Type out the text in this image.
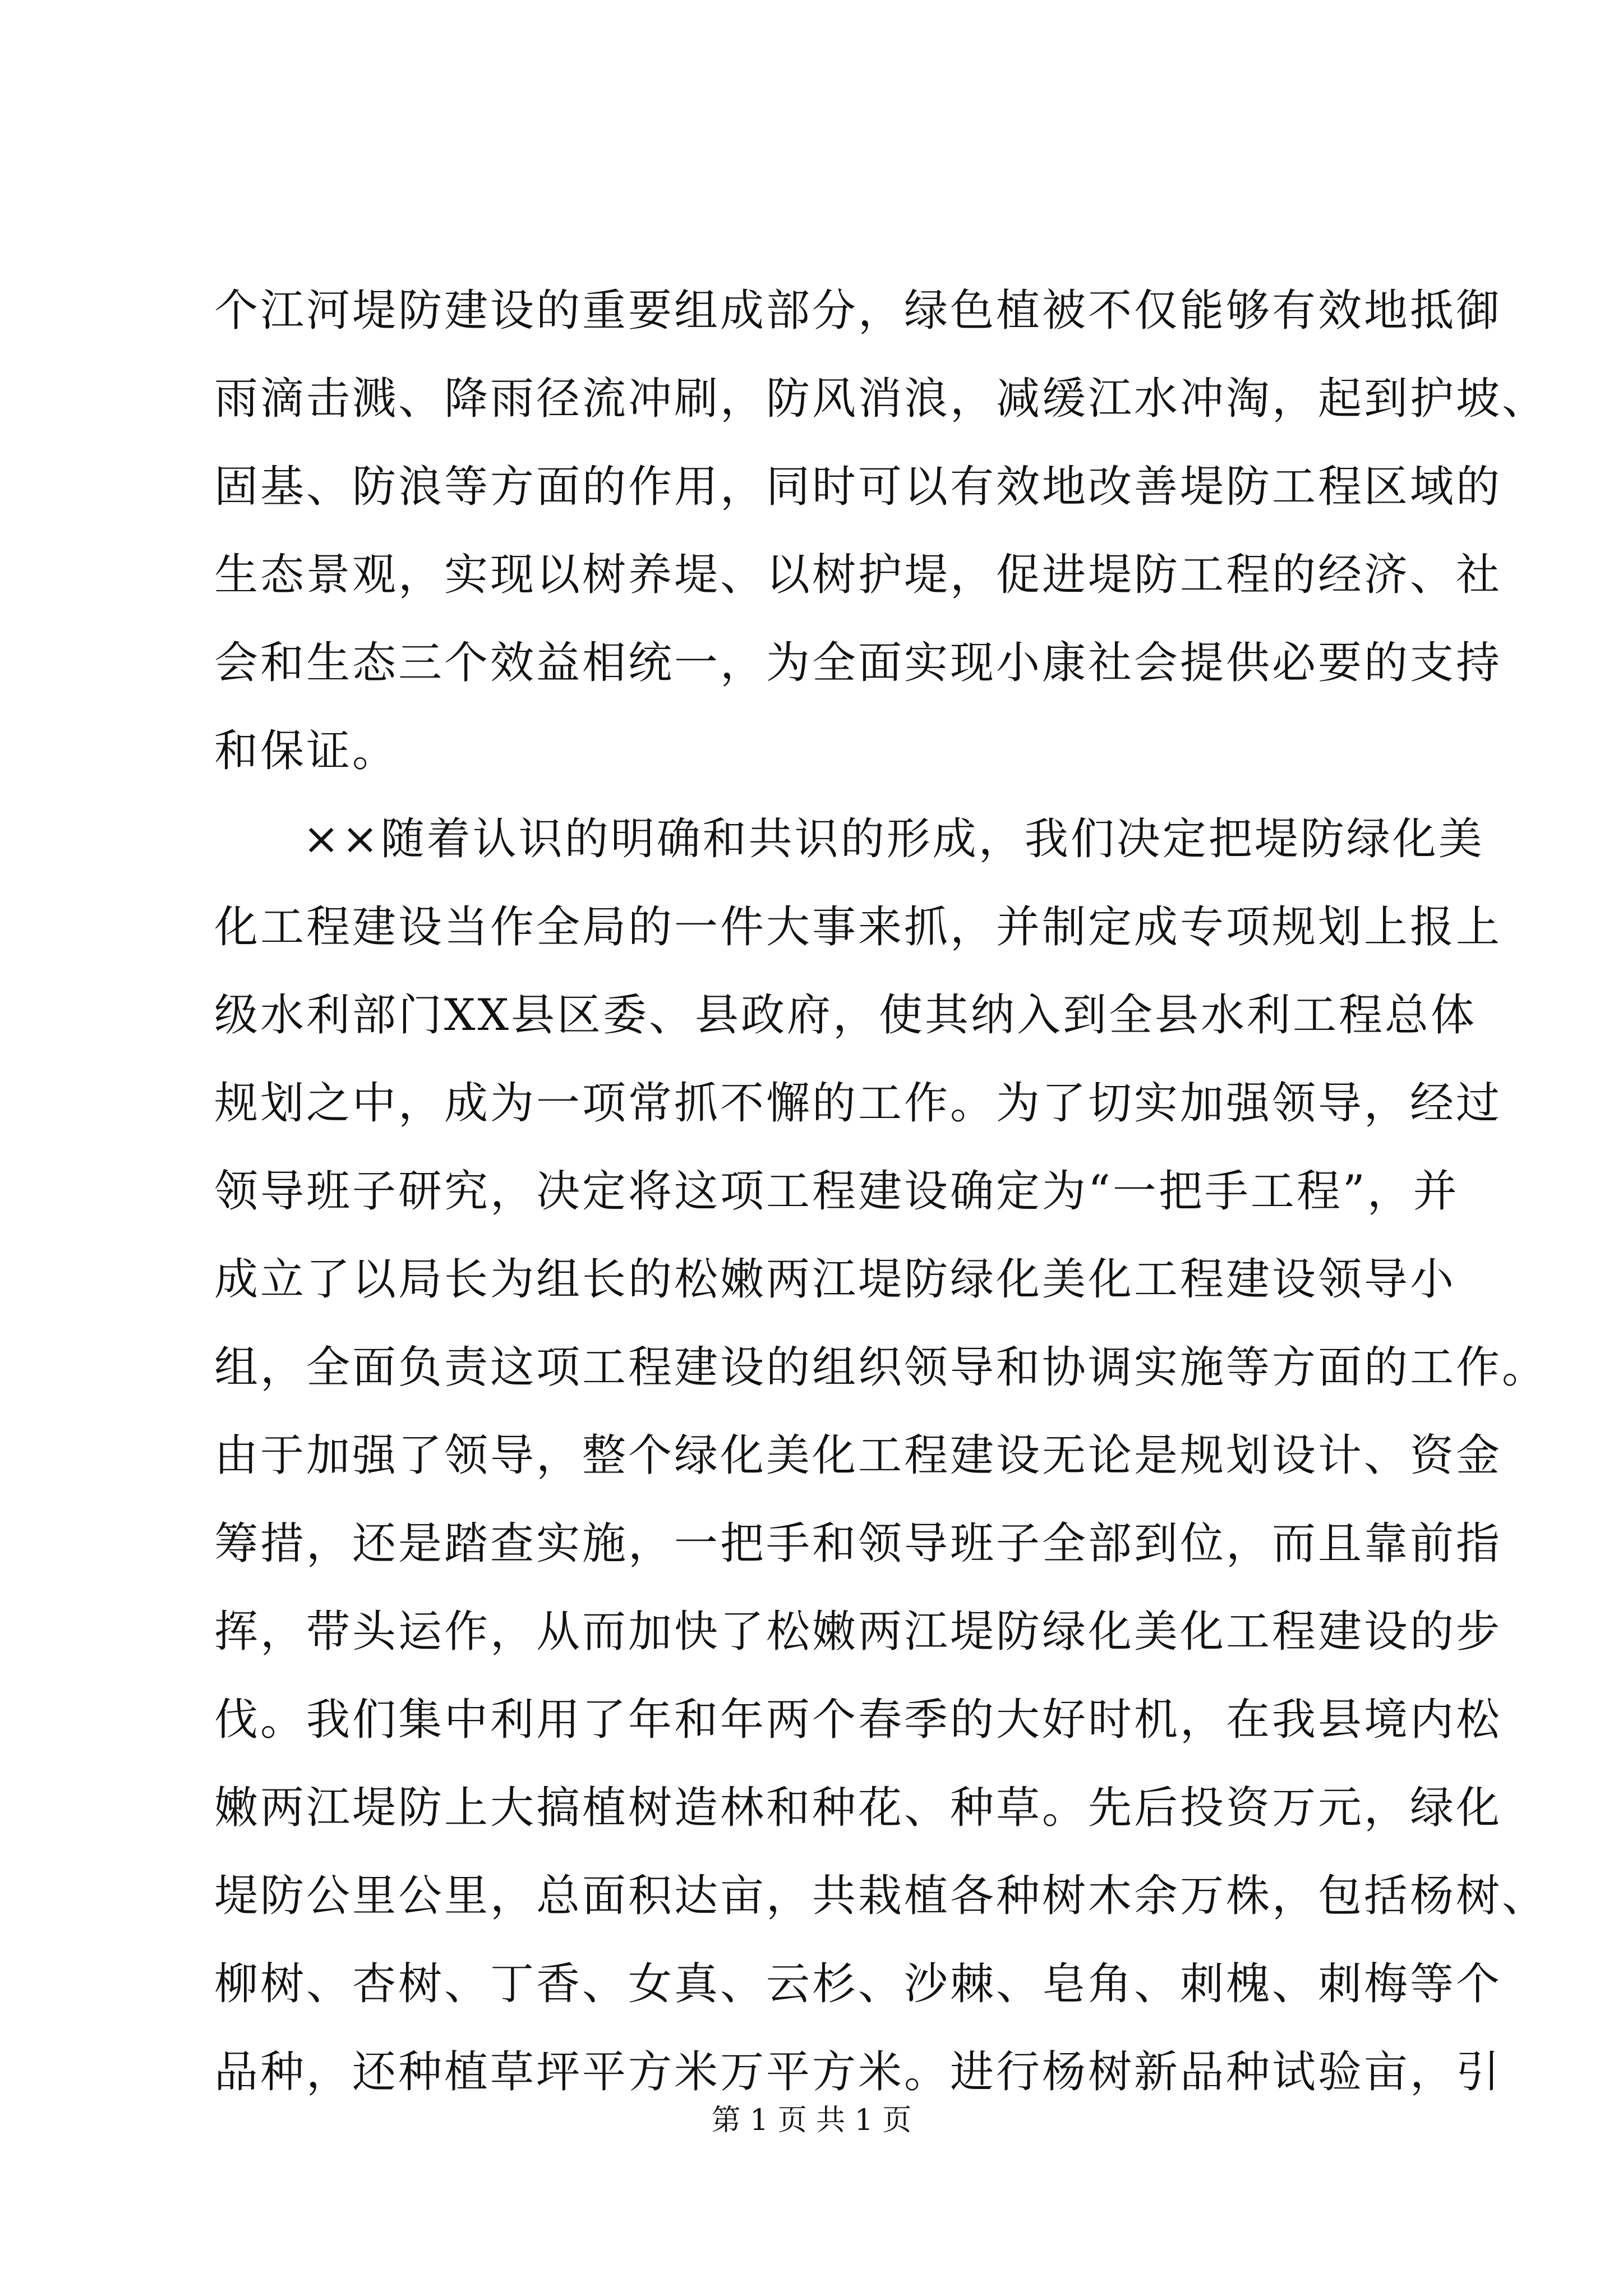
个江河堤防建设的重要组成部分，绿色植被不仅能够有效地抵御
雨滴击溅、降雨径流冲刷，防风消浪，减缓江水冲淘，起到护坡、
固基、防浪等方面的作用，同时可以有效地改善堤防工程区域的
生态景观，实现以树养堤、以树护堤，促进堤防工程的经济、社
会和生态三个效益相统一，为全面实现小康社会提供必要的支持
和保证。
××随着认识的明确和共识的形成，我们决定把堤防绿化美
化工程建设当作全局的一件大事来抓，并制定成专项规划上报上
级水利部门XX县区委、县政府，使其纳入到全县水利工程总体
规划之中，成为一项常抓不懈的工作。为了切实加强领导，经过
领导班子研究，决定将这项工程建设确定为“一把手工程”，并
成立了以局长为组长的松嫩两江堤防绿化美化工程建设领导小
组，全面负责这项工程建设的组织领导和协调实施等方面的工作。
由于加强了领导，整个绿化美化工程建设无论是规划设计、资金
筹措，还是踏查实施，一把手和领导班子全部到位，而且靠前指
挥，带头运作，从而加快了松嫩两江堤防绿化美化工程建设的步
伐。我们集中利用了年和年两个春季的大好时机，在我县境内松
嫩两江堤防上大搞植树造林和种花、种草。先后投资万元，绿化
堤防公里公里，总面积达亩，共栽植各种树木余万株，包括杨树、
柳树、杏树、丁香、女真、云杉、沙棘、皂角、刺槐、刺梅等个
品种，还种植草坪平方米万平方米。进行杨树新品种试验亩，引
第 1 页 共 1 页
